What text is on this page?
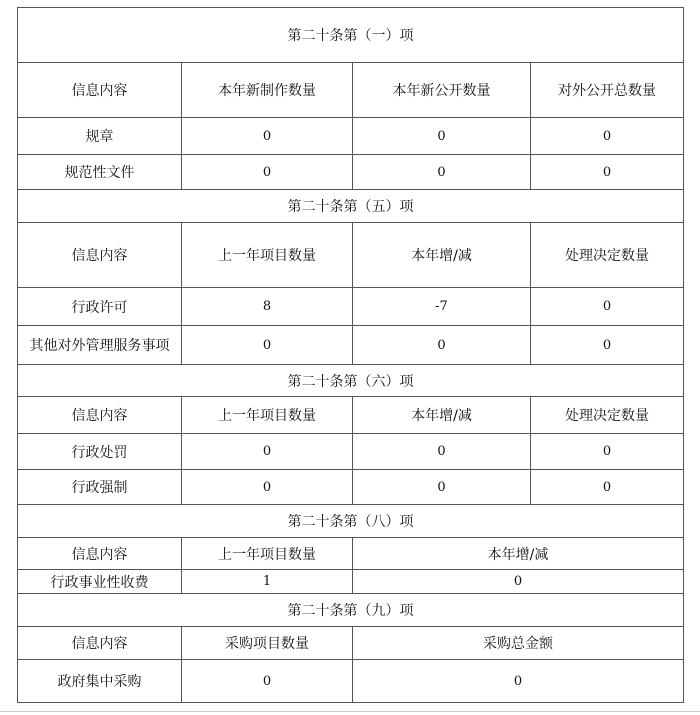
第二十条第（一）项			
信息内容	本年新制作数量	本年新公开数量	对外公开总数量
规章	0	0	0
规范性文件	0	0	0
第二十条第（五）项			
信息内容	上一年项目数量	本年增/减	处理决定数量
行政许可	8	-7	0
其他对外管理服务事项	0	0	0
第二十条第（六）项			
信息内容	上一年项目数量	本年增/减	处理决定数量
行政处罚	0	0	0
行政强制	0	0	0
第二十条第（八）项			
信息内容	上一年项目数量	本年增/减	
行政事业性收费	1	0	
第二十条第（九）项			
信息内容	采购项目数量	采购总金额	
政府集中采购	0	0	
